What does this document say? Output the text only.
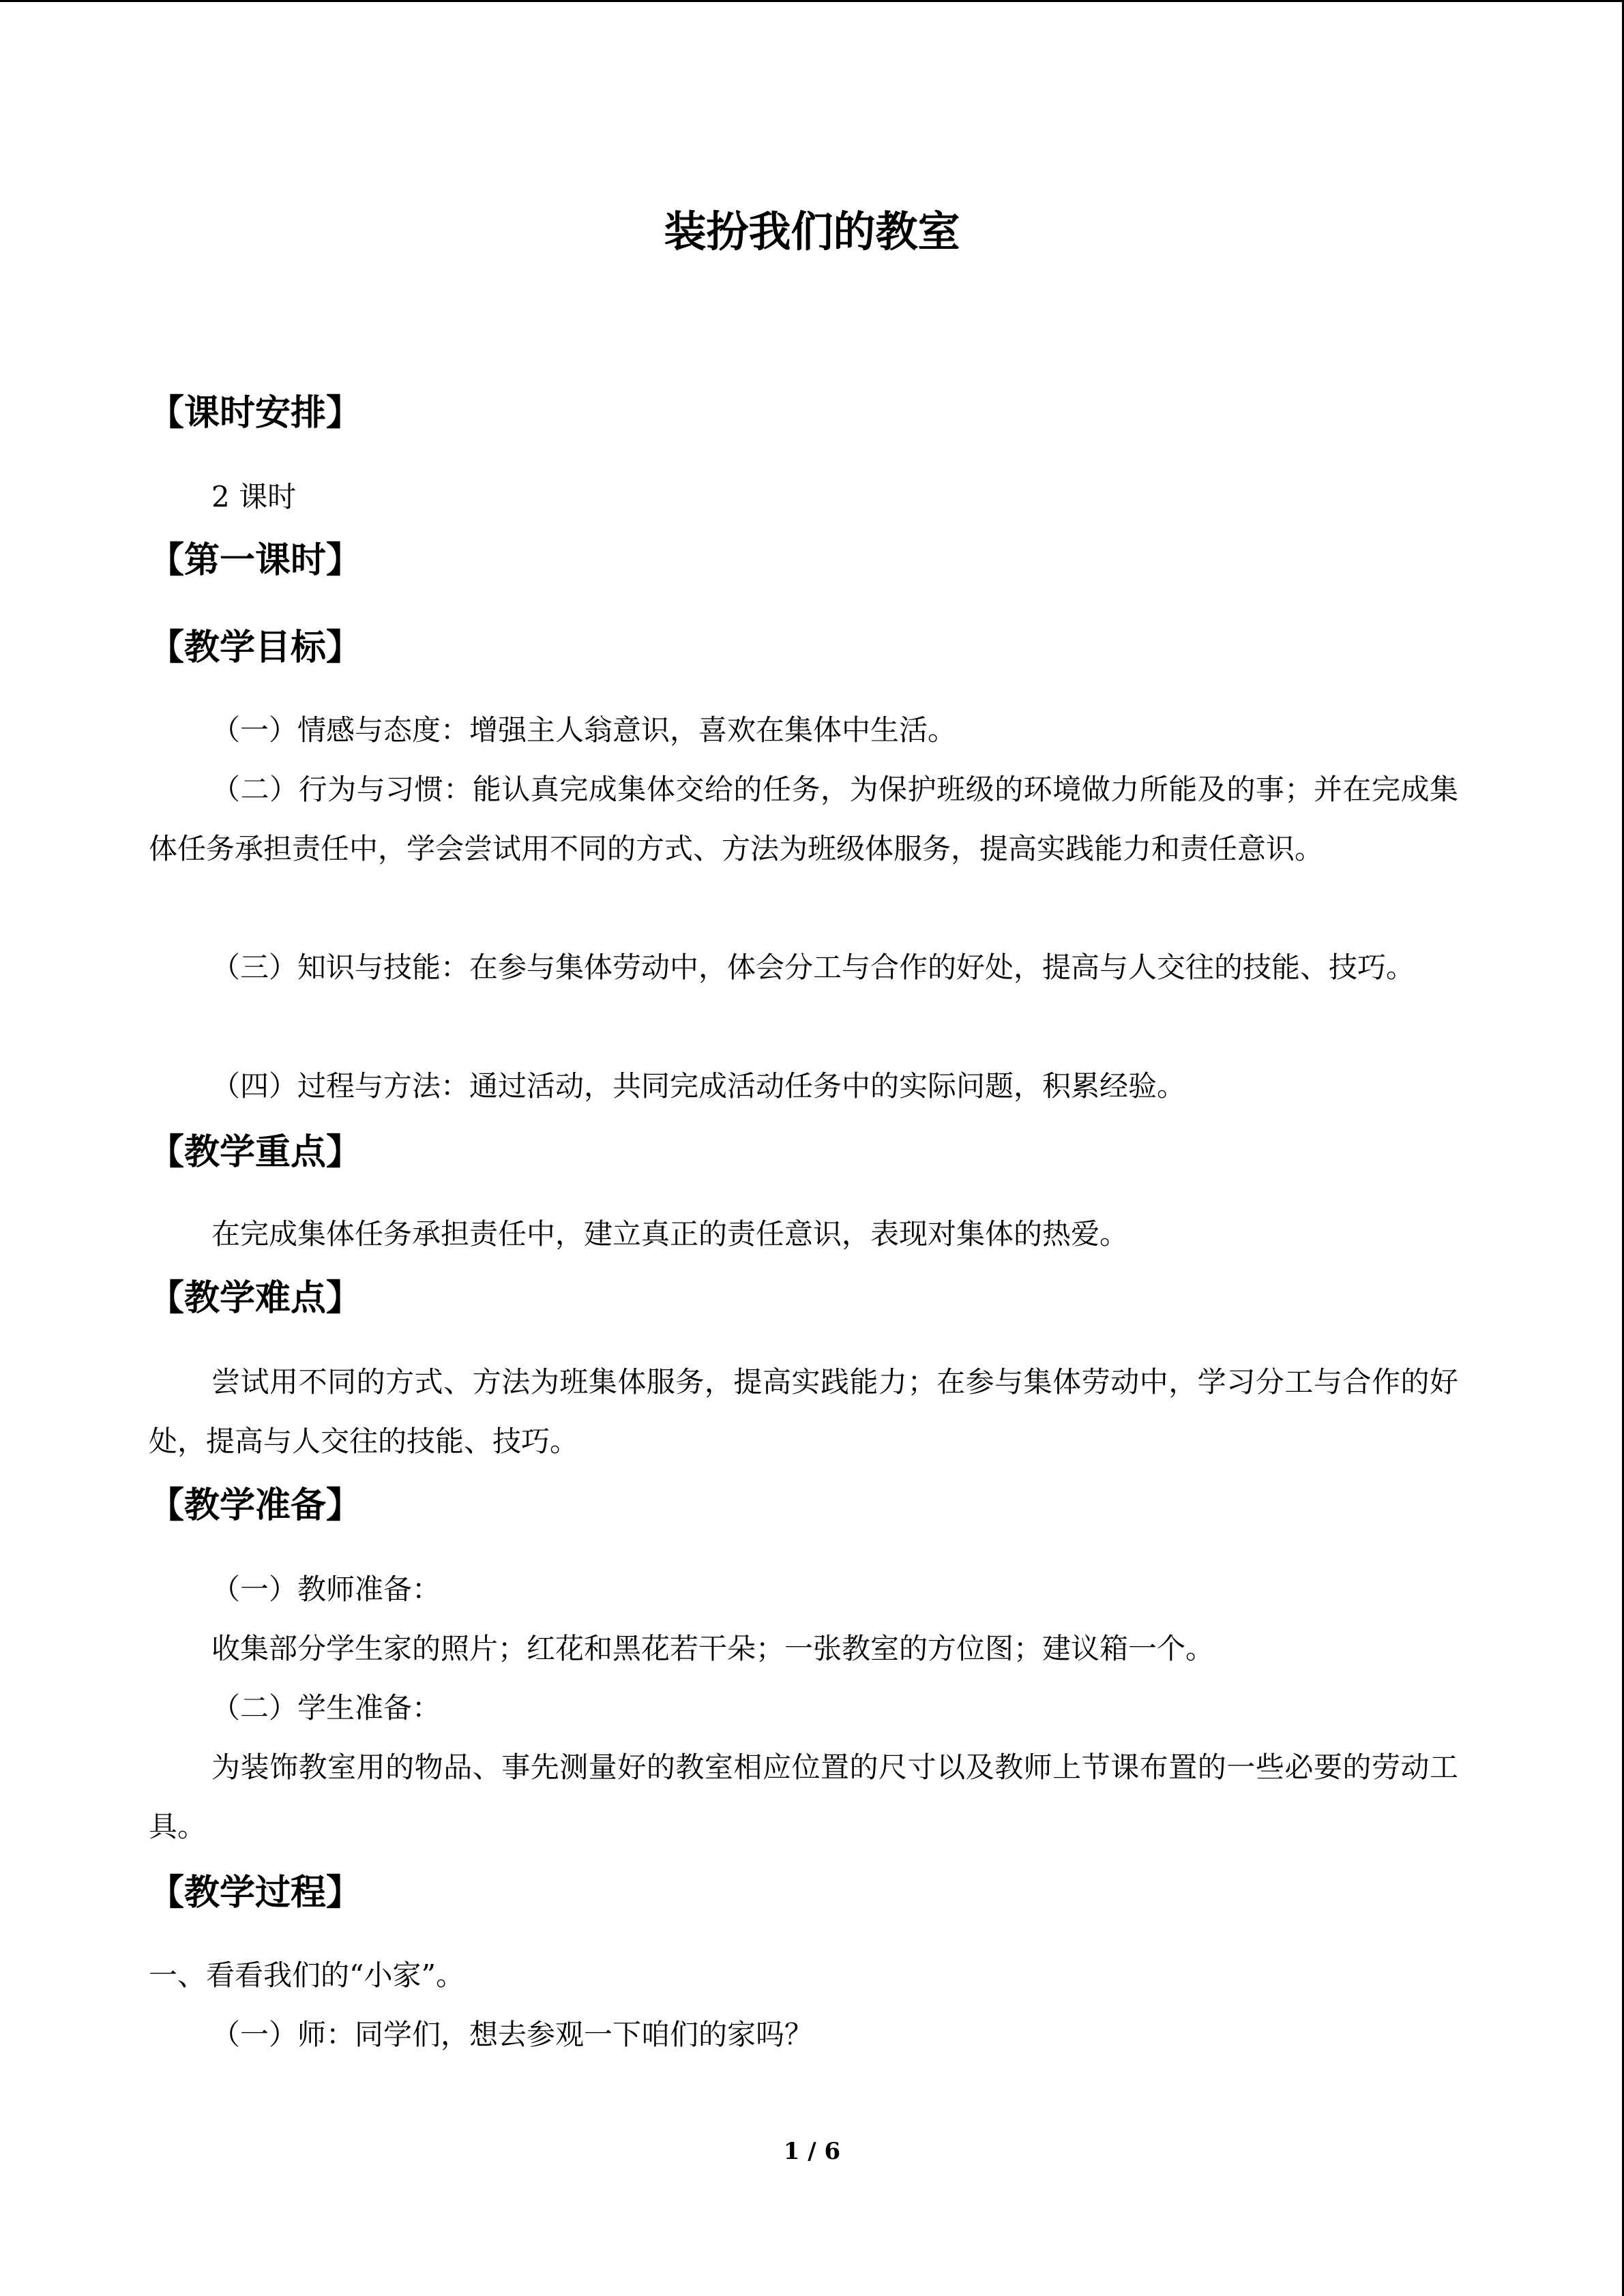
装扮我们的教室
【课时安排】
2 课时
【第一课时】
【教学目标】
（一）情感与态度：增强主人翁意识，喜欢在集体中生活。
（二）行为与习惯：能认真完成集体交给的任务，为保护班级的环境做力所能及的事；并在完成集体任务承担责任中，学会尝试用不同的方式、方法为班级体服务，提高实践能力和责任意识。
（三）知识与技能：在参与集体劳动中，体会分工与合作的好处，提高与人交往的技能、技巧。
（四）过程与方法：通过活动，共同完成活动任务中的实际问题，积累经验。
【教学重点】
在完成集体任务承担责任中，建立真正的责任意识，表现对集体的热爱。
【教学难点】
尝试用不同的方式、方法为班集体服务，提高实践能力；在参与集体劳动中，学习分工与合作的好处，提高与人交往的技能、技巧。
【教学准备】
（一）教师准备：
收集部分学生家的照片；红花和黑花若干朵；一张教室的方位图；建议箱一个。
（二）学生准备：
为装饰教室用的物品、事先测量好的教室相应位置的尺寸以及教师上节课布置的一些必要的劳动工具。
【教学过程】
一、看看我们的“小家”。
（一）师：同学们，想去参观一下咱们的家吗？
1 / 6
